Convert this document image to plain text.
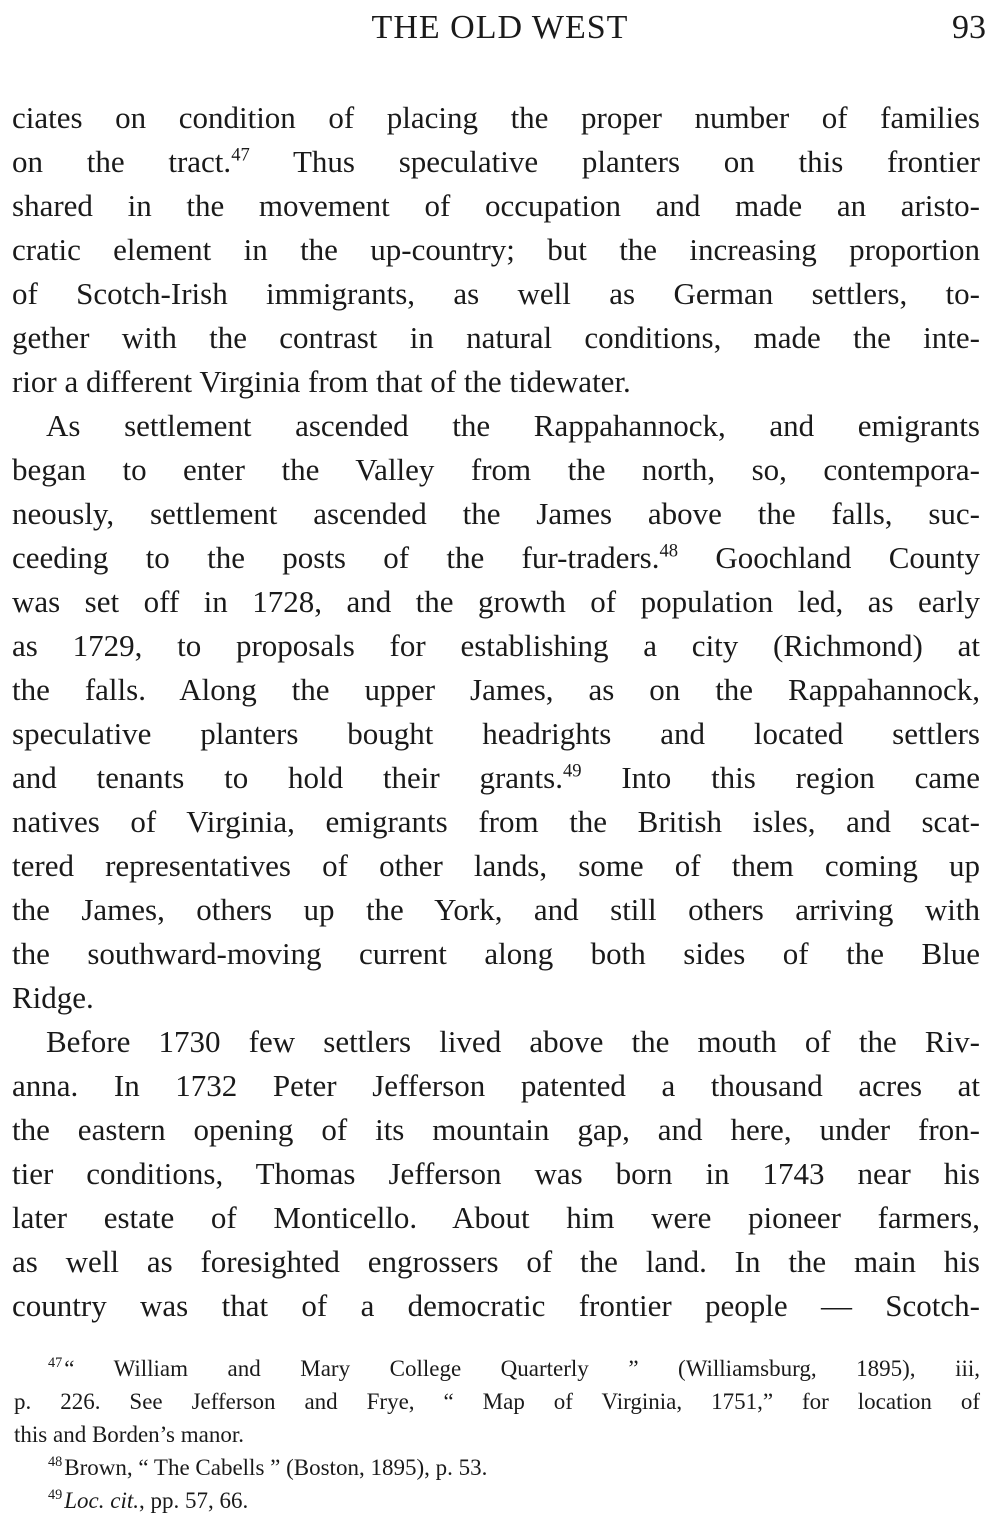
THE OLD WEST	93
ciates on condition of placing the proper number of families
on the tract.$^{47}$ Thus speculative planters on this frontier
shared in the movement of occupation and made an aristo-
cratic element in the up-country; but the increasing proportion
of Scotch-Irish immigrants, as well as German settlers, to-
gether with the contrast in natural conditions, made the inte-
rior a different Virginia from that of the tidewater.
As settlement ascended the Rappahannock, and emigrants
began to enter the Valley from the north, so, contempora-
neously, settlement ascended the James above the falls, suc-
ceeding to the posts of the fur-traders.$^{48}$ Goochland County
was set off in 1728, and the growth of population led, as early
as 1729, to proposals for establishing a city (Richmond) at
the falls. Along the upper James, as on the Rappahannock,
speculative planters bought headrights and located settlers
and tenants to hold their grants.$^{49}$ Into this region came
natives of Virginia, emigrants from the British isles, and scat-
tered representatives of other lands, some of them coming up
the James, others up the York, and still others arriving with
the southward-moving current along both sides of the Blue
Ridge.
Before 1730 few settlers lived above the mouth of the Riv-
anna. In 1732 Peter Jefferson patented a thousand acres at
the eastern opening of its mountain gap, and here, under fron-
tier conditions, Thomas Jefferson was born in 1743 near his
later estate of Monticello. About him were pioneer farmers,
as well as foresighted engrossers of the land. In the main his
country was that of a democratic frontier people — Scotch-
$^{47}$“ William and Mary College Quarterly ” (Williamsburg, 1895), iii,
p. 226. See Jefferson and Frye, “ Map of Virginia, 1751,” for location of
this and Borden’s manor.
$^{48}$Brown, “ The Cabells ” (Boston, 1895), p. 53.
$^{49}$Loc. cit., pp. 57, 66.
